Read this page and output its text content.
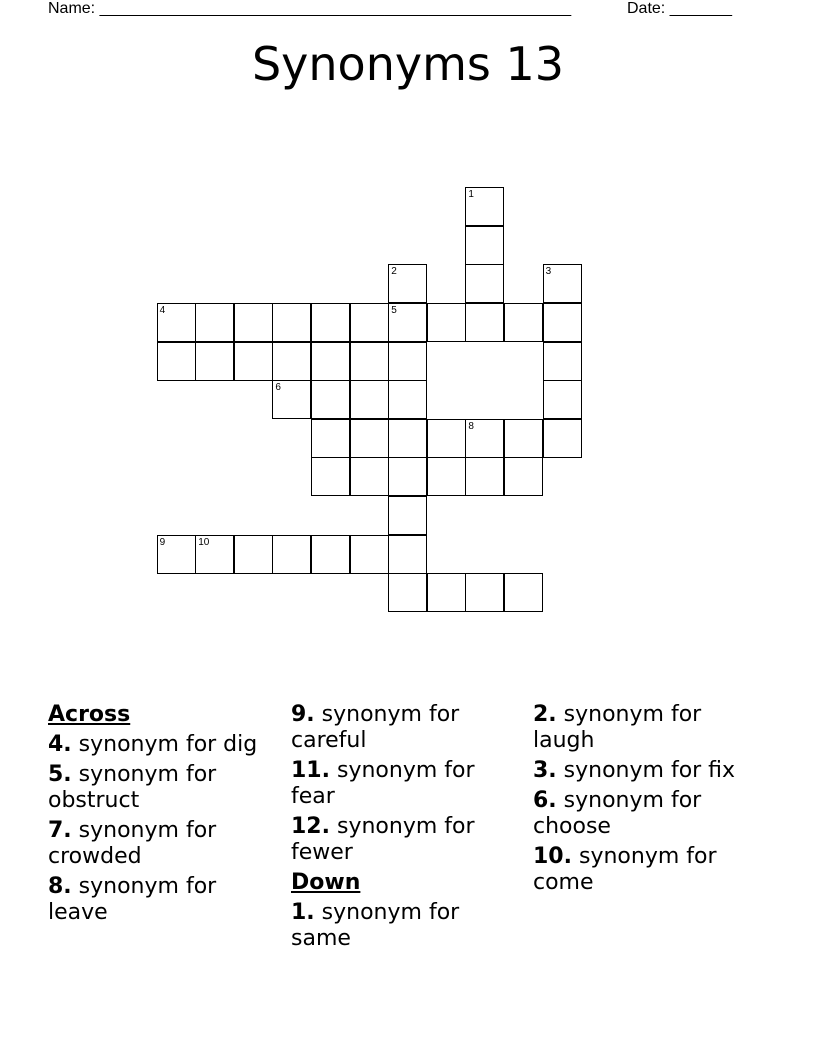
Name: _____________________________________________________	Date: _______
Synonyms 13
1
2
5
3
4
6
8
9	10
Across
4. synonym for dig
5. synonym for obstruct
7. synonym for crowded
8. synonym for leave
9. synonym for careful
11. synonym for fear
12. synonym for fewer
Down
1. synonym for same
2. synonym for laugh
3. synonym for fix
6. synonym for choose
10. synonym for come
